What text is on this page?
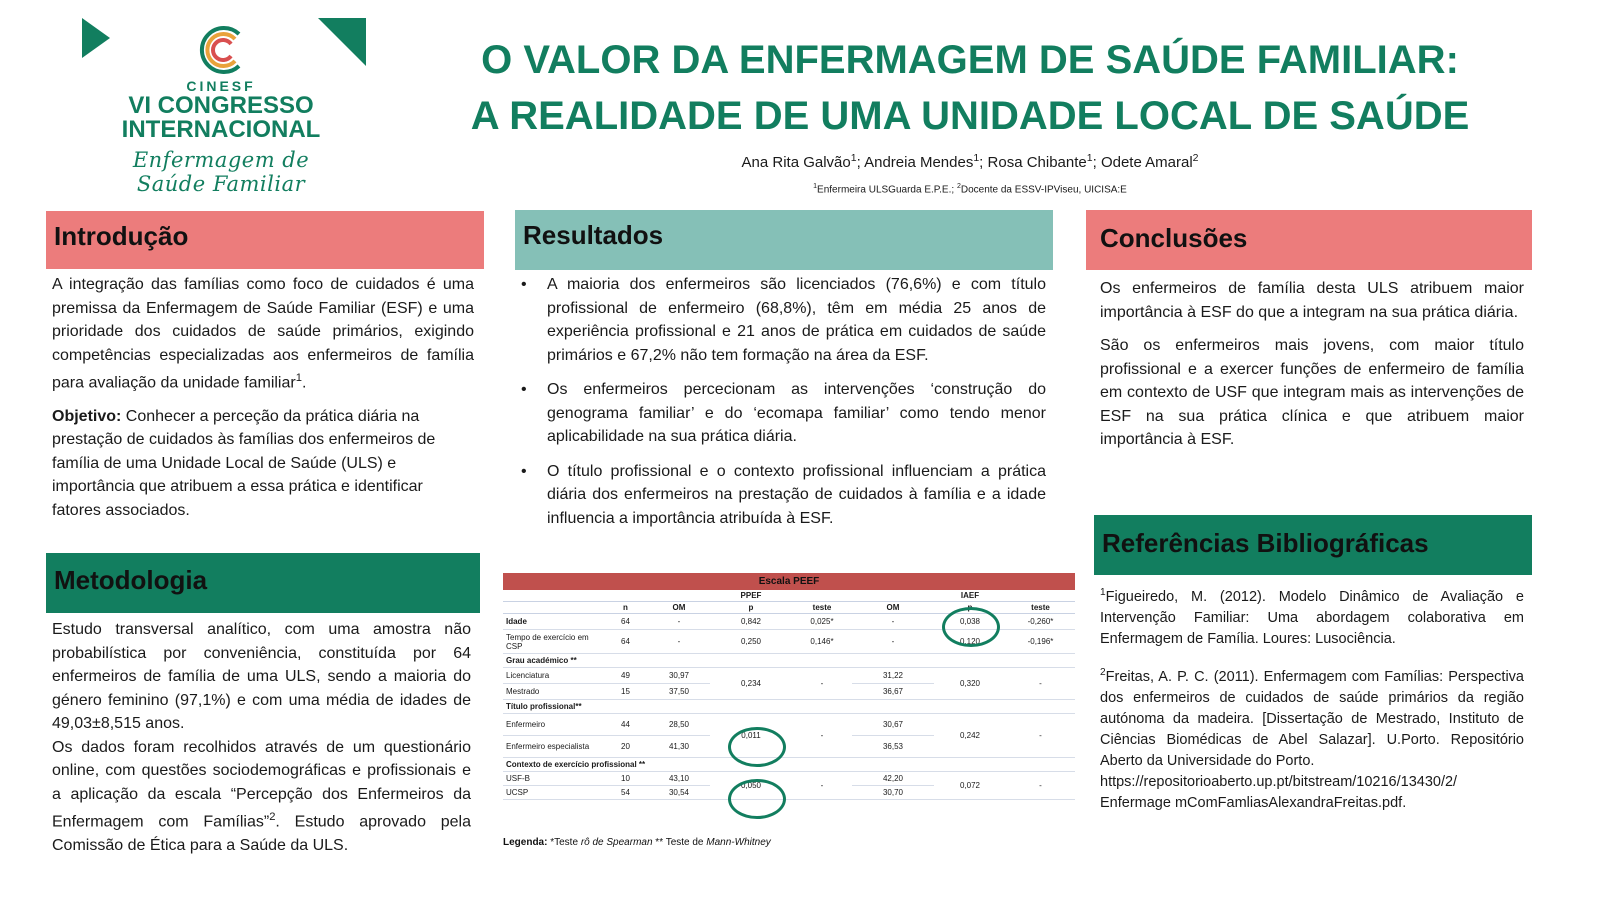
CINESF
VI CONGRESSO
INTERNACIONAL
Enfermagem de Saúde Familiar
O VALOR DA ENFERMAGEM DE SAÚDE FAMILIAR:
A REALIDADE DE UMA UNIDADE LOCAL DE SAÚDE
Ana Rita Galvão$^1$; Andreia Mendes$^1$; Rosa Chibante$^1$; Odete Amaral$^2$
$^1$Enfermeira ULSGuarda E.P.E.; $^2$Docente da ESSV-IPViseu, UICISA:E
Introdução

A integração das famílias como foco de cuidados é uma premissa da Enfermagem de Saúde Familiar (ESF) e uma prioridade dos cuidados de saúde primários, exigindo competências especializadas aos enfermeiros de família para avaliação da unidade familiar$^1$.

Objetivo: Conhecer a perceção da prática diária na prestação de cuidados às famílias dos enfermeiros de família de uma Unidade Local de Saúde (ULS) e importância que atribuem a essa prática e identificar fatores associados.

Metodologia

Estudo transversal analítico, com uma amostra não probabilística por conveniência, constituída por 64 enfermeiros de família de uma ULS, sendo a maioria do género feminino (97,1%) e com uma média de idades de 49,03±8,515 anos.

Os dados foram recolhidos através de um questionário online, com questões sociodemográficas e profissionais e a aplicação da escala “Percepção dos Enfermeiros da Enfermagem com Famílias”$^2$. Estudo aprovado pela Comissão de Ética para a Saúde da ULS.

Resultados
• A maioria dos enfermeiros são licenciados (76,6%) e com título profissional de enfermeiro (68,8%), têm em média 25 anos de experiência profissional e 21 anos de prática em cuidados de saúde primários e 67,2% não tem formação na área da ESF.
• Os enfermeiros percecionam as intervenções ‘construção do genograma familiar’ e do ‘ecomapa familiar’ como tendo menor aplicabilidade na sua prática diária.
• O título profissional e o contexto profissional influenciam a prática diária dos enfermeiros na prestação de cuidados à família e a idade influencia a importância atribuída à ESF.
Escala PEEF
			PPEF			IAEF	
	n	OM	p	teste	OM	p	teste
Idade	64	-	0,842	0,025*	-	0,038	-0,260*
Tempo de exercício em CSP	64	-	0,250	0,146*	-	0,120	-0,196*
Grau académico **							
Licenciatura	49	30,97	0,234	-	31,22	0,320	-
Mestrado	15	37,50			36,67		
Título profissional**							
Enfermeiro	44	28,50	0,011	-	30,67	0,242	-
Enfermeiro especialista	20	41,30			36,53		
Contexto de exercício profissional **							
USF-B	10	43,10	0,050	-	42,20	0,072	-
UCSP	54	30,54			30,70		
Legenda: *Teste rô de Spearman ** Teste de Mann-Whitney
Conclusões

Os enfermeiros de família desta ULS atribuem maior importância à ESF do que a integram na sua prática diária.

São os enfermeiros mais jovens, com maior título profissional e a exercer funções de enfermeiro de família em contexto de USF que integram mais as intervenções de ESF na sua prática clínica e que atribuem maior importância à ESF.

Referências Bibliográficas

$^1$Figueiredo, M. (2012). Modelo Dinâmico de Avaliação e Intervenção Familiar: Uma abordagem colaborativa em Enfermagem de Família. Loures: Lusociência.

$^2$Freitas, A. P. C. (2011). Enfermagem com Famílias: Perspectiva dos enfermeiros de cuidados de saúde primários da região autónoma da madeira. [Dissertação de Mestrado, Instituto de Ciências Biomédicas de Abel Salazar]. U.Porto. Repositório Aberto da Universidade do Porto.

https://repositorioaberto.up.pt/bitstream/10216/13430/2/
Enfermage mComFamliasAlexandraFreitas.pdf.
